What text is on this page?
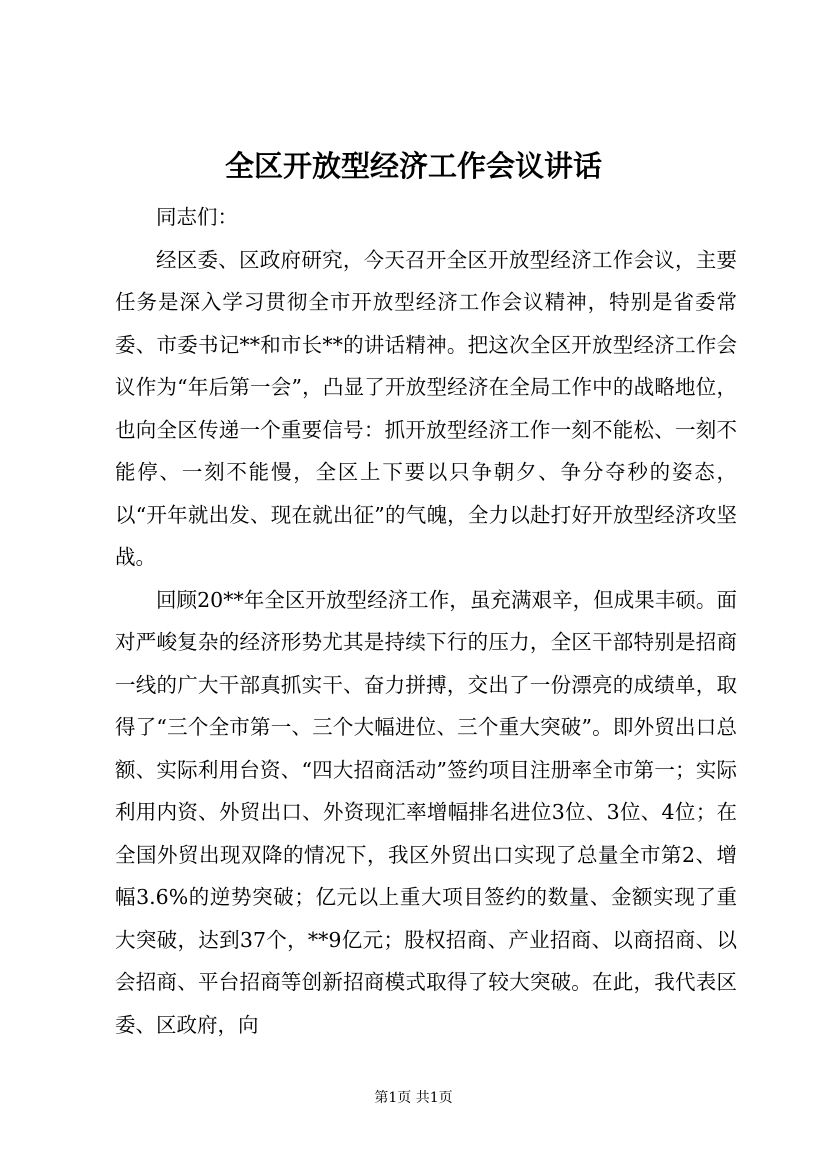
全区开放型经济工作会议讲话

同志们：

经区委、区政府研究，今天召开全区开放型经济工作会议，主要任务是深入学习贯彻全市开放型经济工作会议精神，特别是省委常委、市委书记**和市长**的讲话精神。把这次全区开放型经济工作会议作为“年后第一会”，凸显了开放型经济在全局工作中的战略地位，也向全区传递一个重要信号：抓开放型经济工作一刻不能松、一刻不能停、一刻不能慢，全区上下要以只争朝夕、争分夺秒的姿态，以“开年就出发、现在就出征”的气魄，全力以赴打好开放型经济攻坚战。

回顾20**年全区开放型经济工作，虽充满艰辛，但成果丰硕。面对严峻复杂的经济形势尤其是持续下行的压力，全区干部特别是招商一线的广大干部真抓实干、奋力拼搏，交出了一份漂亮的成绩单，取得了“三个全市第一、三个大幅进位、三个重大突破”。即外贸出口总额、实际利用台资、“四大招商活动”签约项目注册率全市第一；实际利用内资、外贸出口、外资现汇率增幅排名进位3位、3位、4位；在全国外贸出现双降的情况下，我区外贸出口实现了总量全市第2、增幅3.6%的逆势突破；亿元以上重大项目签约的数量、金额实现了重大突破，达到37个，**9亿元；股权招商、产业招商、以商招商、以会招商、平台招商等创新招商模式取得了较大突破。在此，我代表区委、区政府，向

第1页 共1页
